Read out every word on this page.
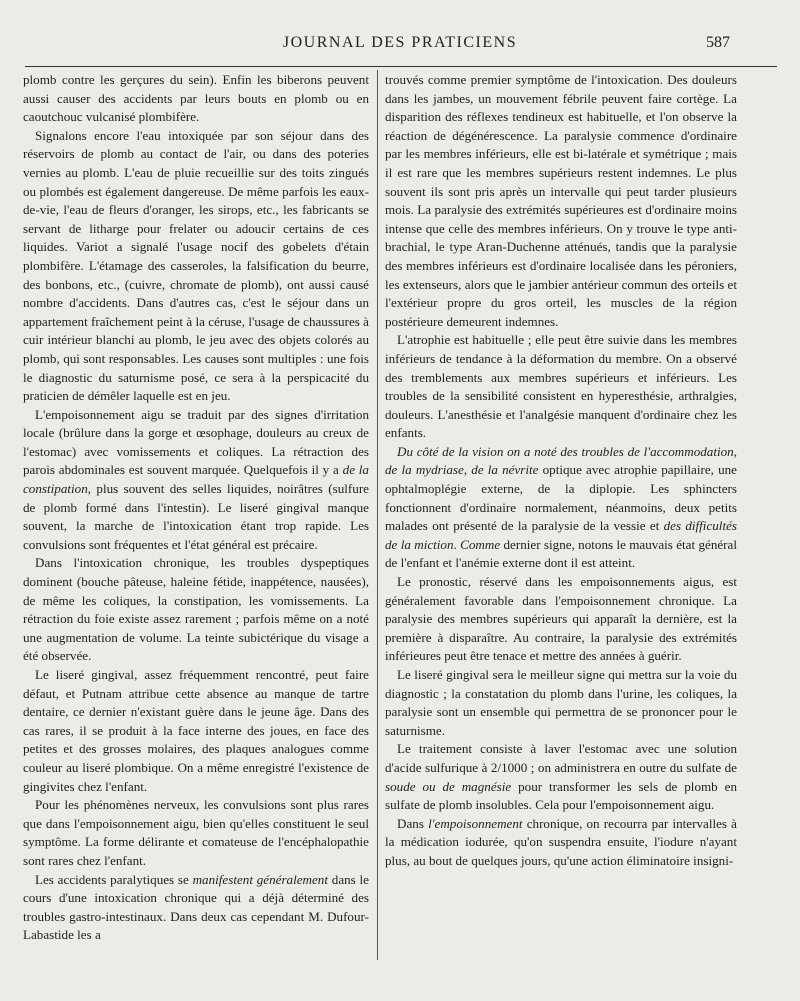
JOURNAL DES PRATICIENS	587

plomb contre les gerçures du sein). Enfin les biberons peuvent aussi causer des accidents par leurs bouts en plomb ou en caoutchouc vulcanisé plombifère.

Signalons encore l'eau intoxiquée par son séjour dans des réservoirs de plomb au contact de l'air, ou dans des poteries vernies au plomb. L'eau de pluie recueillie sur des toits zingués ou plombés est également dangereuse. De même parfois les eaux-de-vie, l'eau de fleurs d'oranger, les sirops, etc., les fabricants se servant de litharge pour frelater ou adoucir certains de ces liquides. Variot a signalé l'usage nocif des gobelets d'étain plombifère. L'étamage des casseroles, la falsification du beurre, des bonbons, etc., (cuivre, chromate de plomb), ont aussi causé nombre d'accidents. Dans d'autres cas, c'est le séjour dans un appartement fraîchement peint à la céruse, l'usage de chaussures à cuir intérieur blanchi au plomb, le jeu avec des objets colorés au plomb, qui sont responsables. Les causes sont multiples : une fois le diagnostic du saturnisme posé, ce sera à la perspicacité du praticien de démêler laquelle est en jeu.

L'empoisonnement aigu se traduit par des signes d'irritation locale (brûlure dans la gorge et œsophage, douleurs au creux de l'estomac) avec vomissements et coliques. La rétraction des parois abdominales est souvent marquée. Quelquefois il y a de la constipation, plus souvent des selles liquides, noirâtres (sulfure de plomb formé dans l'intestin). Le liseré gingival manque souvent, la marche de l'intoxication étant trop rapide. Les convulsions sont fréquentes et l'état général est précaire.

Dans l'intoxication chronique, les troubles dyspeptiques dominent (bouche pâteuse, haleine fétide, inappétence, nausées), de même les coliques, la constipation, les vomissements. La rétraction du foie existe assez rarement ; parfois même on a noté une augmentation de volume. La teinte subictérique du visage a été observée.

Le liseré gingival, assez fréquemment rencontré, peut faire défaut, et Putnam attribue cette absence au manque de tartre dentaire, ce dernier n'existant guère dans le jeune âge. Dans des cas rares, il se produit à la face interne des joues, en face des petites et des grosses molaires, des plaques analogues comme couleur au liseré plombique. On a même enregistré l'existence de gingivites chez l'enfant.

Pour les phénomènes nerveux, les convulsions sont plus rares que dans l'empoisonnement aigu, bien qu'elles constituent le seul symptôme. La forme délirante et comateuse de l'encéphalopathie sont rares chez l'enfant.

Les accidents paralytiques se manifestent généralement dans le cours d'une intoxication chronique qui a déjà déterminé des troubles gastro-intestinaux. Dans deux cas cependant M. Dufour-Labastide les a

trouvés comme premier symptôme de l'intoxication. Des douleurs dans les jambes, un mouvement fébrile peuvent faire cortège. La disparition des réflexes tendineux est habituelle, et l'on observe la réaction de dégénérescence. La paralysie commence d'ordinaire par les membres inférieurs, elle est bi-latérale et symétrique ; mais il est rare que les membres supérieurs restent indemnes. Le plus souvent ils sont pris après un intervalle qui peut tarder plusieurs mois. La paralysie des extrémités supérieures est d'ordinaire moins intense que celle des membres inférieurs. On y trouve le type anti-brachial, le type Aran-Duchenne atténués, tandis que la paralysie des membres inférieurs est d'ordinaire localisée dans les péroniers, les extenseurs, alors que le jambier antérieur commun des orteils et l'extérieur propre du gros orteil, les muscles de la région postérieure demeurent indemnes.

L'atrophie est habituelle ; elle peut être suivie dans les membres inférieurs de tendance à la déformation du membre. On a observé des tremblements aux membres supérieurs et inférieurs. Les troubles de la sensibilité consistent en hyperesthésie, arthralgies, douleurs. L'anesthésie et l'analgésie manquent d'ordinaire chez les enfants.

Du côté de la vision on a noté des troubles de l'accommodation, de la mydriase, de la névrite optique avec atrophie papillaire, une ophtalmoplégie externe, de la diplopie. Les sphincters fonctionnent d'ordinaire normalement, néanmoins, deux petits malades ont présenté de la paralysie de la vessie et des difficultés de la miction. Comme dernier signe, notons le mauvais état général de l'enfant et l'anémie externe dont il est atteint.

Le pronostic, réservé dans les empoisonnements aigus, est généralement favorable dans l'empoisonnement chronique. La paralysie des membres supérieurs qui apparaît la dernière, est la première à disparaître. Au contraire, la paralysie des extrémités inférieures peut être tenace et mettre des années à guérir.

Le liseré gingival sera le meilleur signe qui mettra sur la voie du diagnostic ; la constatation du plomb dans l'urine, les coliques, la paralysie sont un ensemble qui permettra de se prononcer pour le saturnisme.

Le traitement consiste à laver l'estomac avec une solution d'acide sulfurique à 2/1000 ; on administrera en outre du sulfate de soude ou de magnésie pour transformer les sels de plomb en sulfate de plomb insolubles. Cela pour l'empoisonnement aigu.

Dans l'empoisonnement chronique, on recourra par intervalles à la médication iodurée, qu'on suspendra ensuite, l'iodure n'ayant plus, au bout de quelques jours, qu'une action éliminatoire insigni-
